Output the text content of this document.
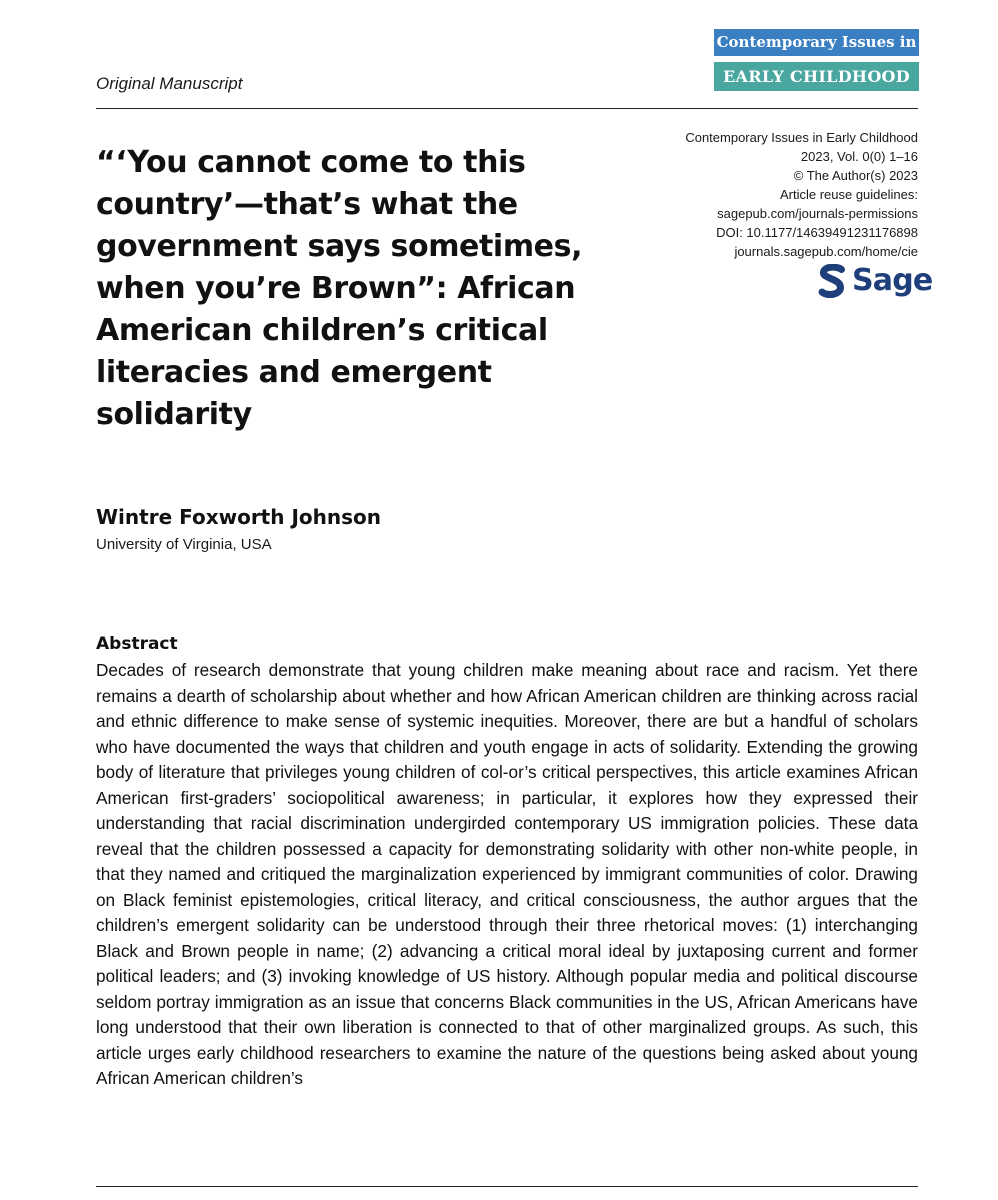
Contemporary Issues in
EARLY CHILDHOOD
Original Manuscript
“‘You cannot come to this country’—that’s what the government says sometimes, when you’re Brown”: African American children’s critical literacies and emergent solidarity
Contemporary Issues in Early Childhood
2023, Vol. 0(0) 1–16
© The Author(s) 2023
Article reuse guidelines:
sagepub.com/journals-permissions
DOI: 10.1177/14639491231176898
journals.sagepub.com/home/cie
Sage
Wintre Foxworth Johnson
University of Virginia, USA
Abstract

Decades of research demonstrate that young children make meaning about race and racism. Yet there remains a dearth of scholarship about whether and how African American children are thinking across racial and ethnic difference to make sense of systemic inequities. Moreover, there are but a handful of scholars who have documented the ways that children and youth engage in acts of solidarity. Extending the growing body of literature that privileges young children of col-or’s critical perspectives, this article examines African American first-graders’ sociopolitical awareness; in particular, it explores how they expressed their understanding that racial discrimination undergirded contemporary US immigration policies. These data reveal that the children possessed a capacity for demonstrating solidarity with other non-white people, in that they named and critiqued the marginalization experienced by immigrant communities of color. Drawing on Black feminist epistemologies, critical literacy, and critical consciousness, the author argues that the children’s emergent solidarity can be understood through their three rhetorical moves: (1) interchanging Black and Brown people in name; (2) advancing a critical moral ideal by juxtaposing current and former political leaders; and (3) invoking knowledge of US history. Although popular media and political discourse seldom portray immigration as an issue that concerns Black communities in the US, African Americans have long understood that their own liberation is connected to that of other marginalized groups. As such, this article urges early childhood researchers to examine the nature of the questions being asked about young African American children’s
